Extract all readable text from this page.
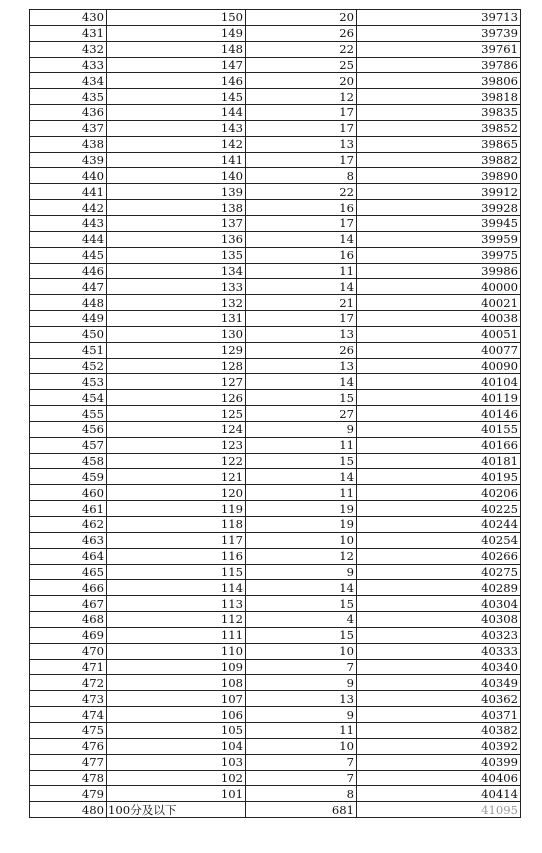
430	150	20	39713
431	149	26	39739
432	148	22	39761
433	147	25	39786
434	146	20	39806
435	145	12	39818
436	144	17	39835
437	143	17	39852
438	142	13	39865
439	141	17	39882
440	140	8	39890
441	139	22	39912
442	138	16	39928
443	137	17	39945
444	136	14	39959
445	135	16	39975
446	134	11	39986
447	133	14	40000
448	132	21	40021
449	131	17	40038
450	130	13	40051
451	129	26	40077
452	128	13	40090
453	127	14	40104
454	126	15	40119
455	125	27	40146
456	124	9	40155
457	123	11	40166
458	122	15	40181
459	121	14	40195
460	120	11	40206
461	119	19	40225
462	118	19	40244
463	117	10	40254
464	116	12	40266
465	115	9	40275
466	114	14	40289
467	113	15	40304
468	112	4	40308
469	111	15	40323
470	110	10	40333
471	109	7	40340
472	108	9	40349
473	107	13	40362
474	106	9	40371
475	105	11	40382
476	104	10	40392
477	103	7	40399
478	102	7	40406
479	101	8	40414
480	100分及以下	681	41095
